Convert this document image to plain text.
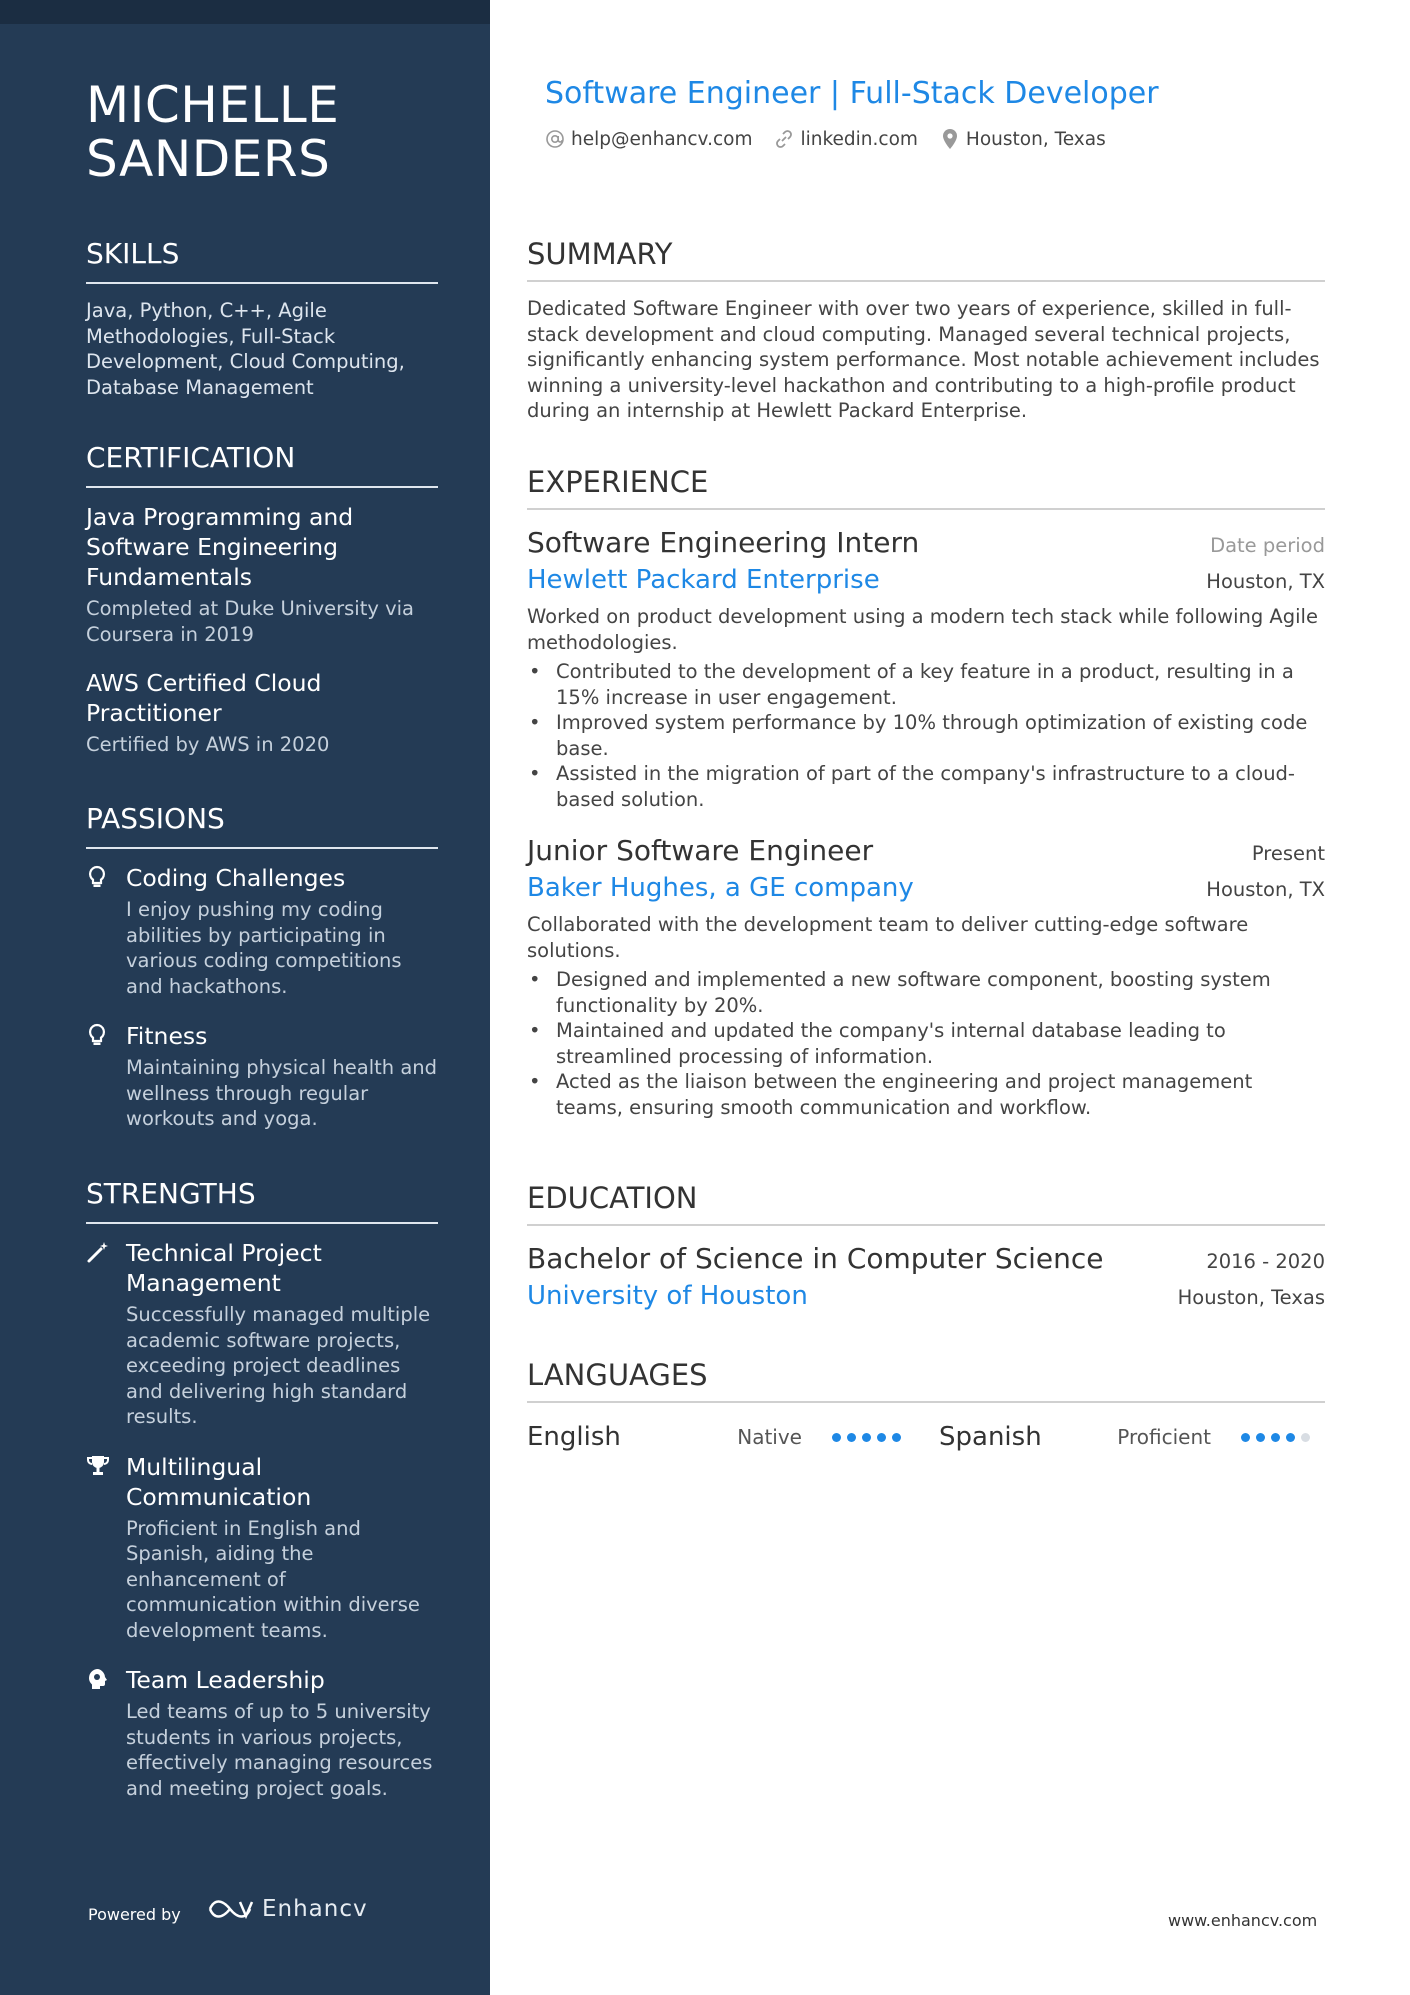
MICHELLE SANDERS
SKILLS
Java, Python, C++, Agile Methodologies, Full-Stack Development, Cloud Computing, Database Management
CERTIFICATION
Java Programming and Software Engineering Fundamentals
Completed at Duke University via Coursera in 2019
AWS Certified Cloud Practitioner
Certified by AWS in 2020
PASSIONS
Coding Challenges
I enjoy pushing my coding abilities by participating in various coding competitions and hackathons.
Fitness
Maintaining physical health and wellness through regular workouts and yoga.
STRENGTHS
Technical Project Management
Successfully managed multiple academic software projects, exceeding project deadlines and delivering high standard results.
Multilingual Communication
Proficient in English and Spanish, aiding the enhancement of communication within diverse development teams.
Team Leadership
Led teams of up to 5 university students in various projects, effectively managing resources and meeting project goals.
Powered by	Enhancv
Software Engineer | Full-Stack Developer
help@enhancv.com	linkedin.com	Houston, Texas
SUMMARY
Dedicated Software Engineer with over two years of experience, skilled in full-stack development and cloud computing. Managed several technical projects, significantly enhancing system performance. Most notable achievement includes winning a university-level hackathon and contributing to a high-profile product during an internship at Hewlett Packard Enterprise.
EXPERIENCE
Software Engineering Intern	Date period
Hewlett Packard Enterprise	Houston, TX
Worked on product development using a modern tech stack while following Agile methodologies.
• Contributed to the development of a key feature in a product, resulting in a 15% increase in user engagement.
• Improved system performance by 10% through optimization of existing code base.
• Assisted in the migration of part of the company's infrastructure to a cloud-based solution.
Junior Software Engineer	Present
Baker Hughes, a GE company	Houston, TX
Collaborated with the development team to deliver cutting-edge software solutions.
• Designed and implemented a new software component, boosting system functionality by 20%.
• Maintained and updated the company's internal database leading to streamlined processing of information.
• Acted as the liaison between the engineering and project management teams, ensuring smooth communication and workflow.
EDUCATION
Bachelor of Science in Computer Science	2016 - 2020
University of Houston	Houston, Texas
LANGUAGES
English	Native	Spanish	Proficient
www.enhancv.com
